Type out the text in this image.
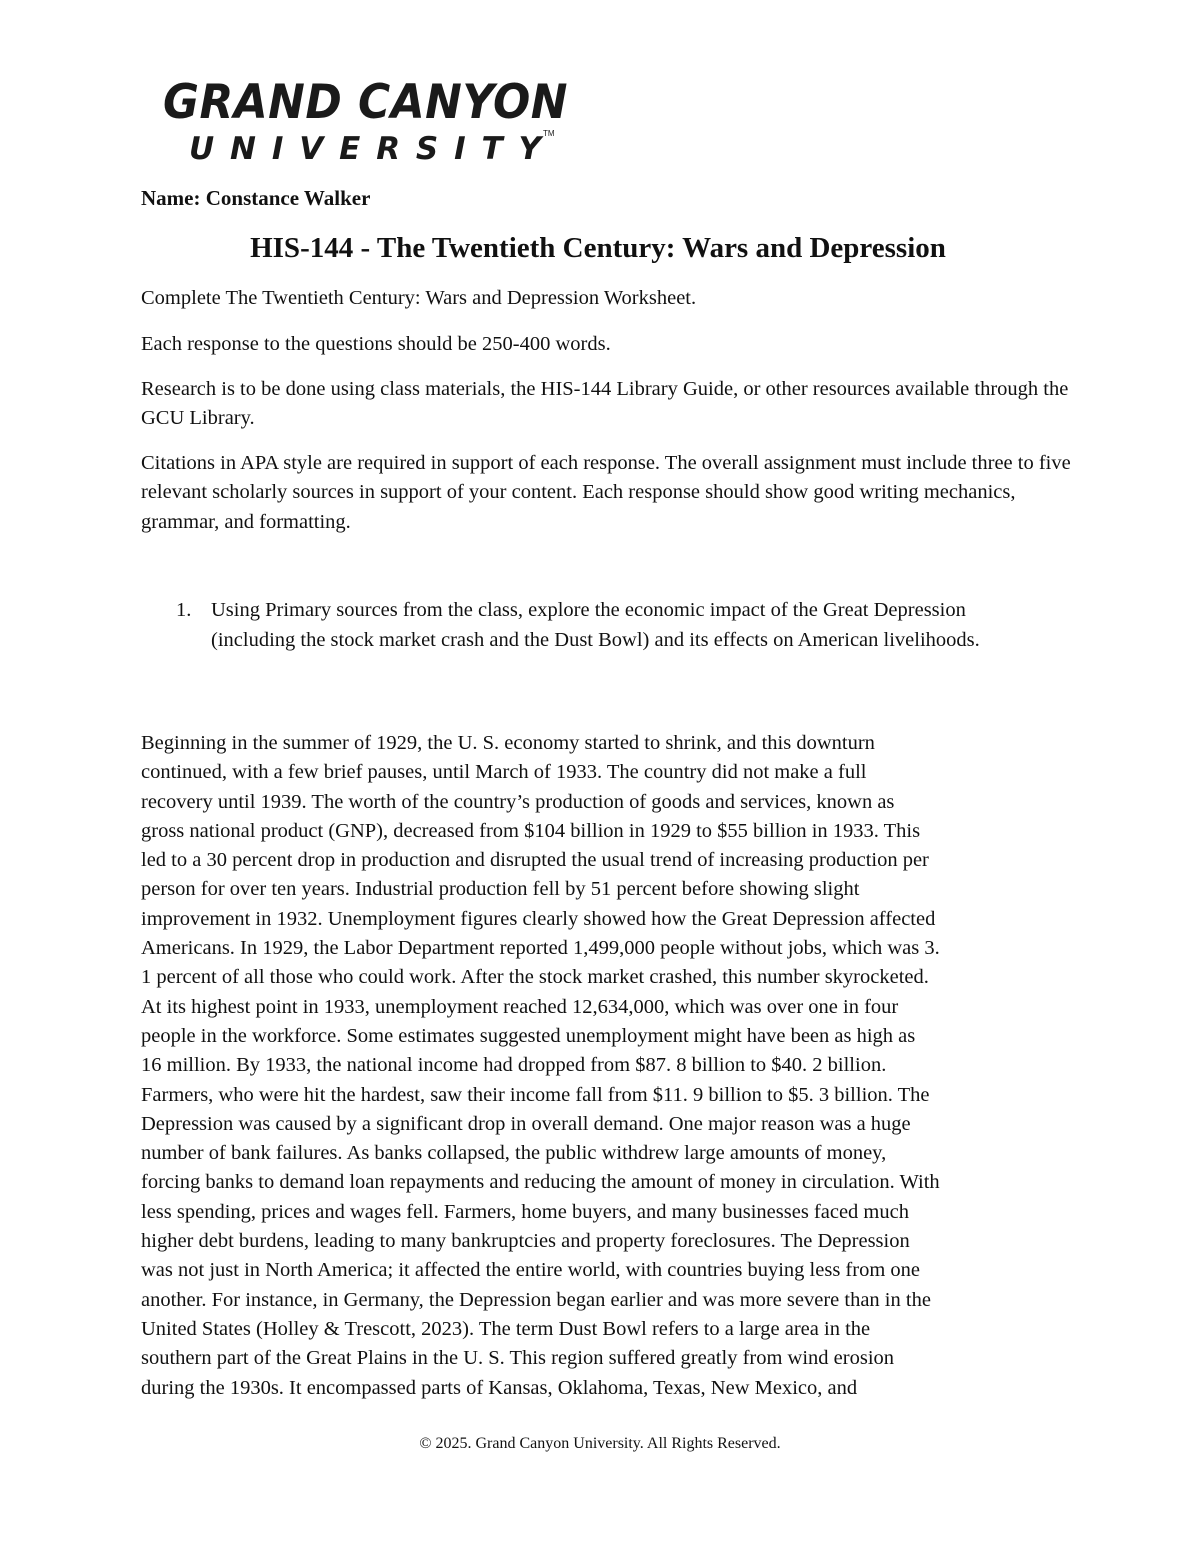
GRAND CANYON
UNIVERSITY TM
Name: Constance Walker
HIS-144 - The Twentieth Century: Wars and Depression

Complete The Twentieth Century: Wars and Depression Worksheet.

Each response to the questions should be 250-400 words.

Research is to be done using class materials, the HIS-144 Library Guide, or other resources available through the GCU Library.

Citations in APA style are required in support of each response. The overall assignment must include three to five relevant scholarly sources in support of your content. Each response should show good writing mechanics, grammar, and formatting.

1. Using Primary sources from the class, explore the economic impact of the Great Depression (including the stock market crash and the Dust Bowl) and its effects on American livelihoods.
Beginning in the summer of 1929, the U. S. economy started to shrink, and this downturn
continued, with a few brief pauses, until March of 1933. The country did not make a full
recovery until 1939. The worth of the country’s production of goods and services, known as
gross national product (GNP), decreased from $104 billion in 1929 to $55 billion in 1933. This
led to a 30 percent drop in production and disrupted the usual trend of increasing production per
person for over ten years. Industrial production fell by 51 percent before showing slight
improvement in 1932. Unemployment figures clearly showed how the Great Depression affected
Americans. In 1929, the Labor Department reported 1,499,000 people without jobs, which was 3.
1 percent of all those who could work. After the stock market crashed, this number skyrocketed.
At its highest point in 1933, unemployment reached 12,634,000, which was over one in four
people in the workforce. Some estimates suggested unemployment might have been as high as
16 million. By 1933, the national income had dropped from $87. 8 billion to $40. 2 billion.
Farmers, who were hit the hardest, saw their income fall from $11. 9 billion to $5. 3 billion. The
Depression was caused by a significant drop in overall demand. One major reason was a huge
number of bank failures. As banks collapsed, the public withdrew large amounts of money,
forcing banks to demand loan repayments and reducing the amount of money in circulation. With
less spending, prices and wages fell. Farmers, home buyers, and many businesses faced much
higher debt burdens, leading to many bankruptcies and property foreclosures. The Depression
was not just in North America; it affected the entire world, with countries buying less from one
another. For instance, in Germany, the Depression began earlier and was more severe than in the
United States (Holley & Trescott, 2023). The term Dust Bowl refers to a large area in the
southern part of the Great Plains in the U. S. This region suffered greatly from wind erosion
during the 1930s. It encompassed parts of Kansas, Oklahoma, Texas, New Mexico, and
© 2025. Grand Canyon University. All Rights Reserved.
